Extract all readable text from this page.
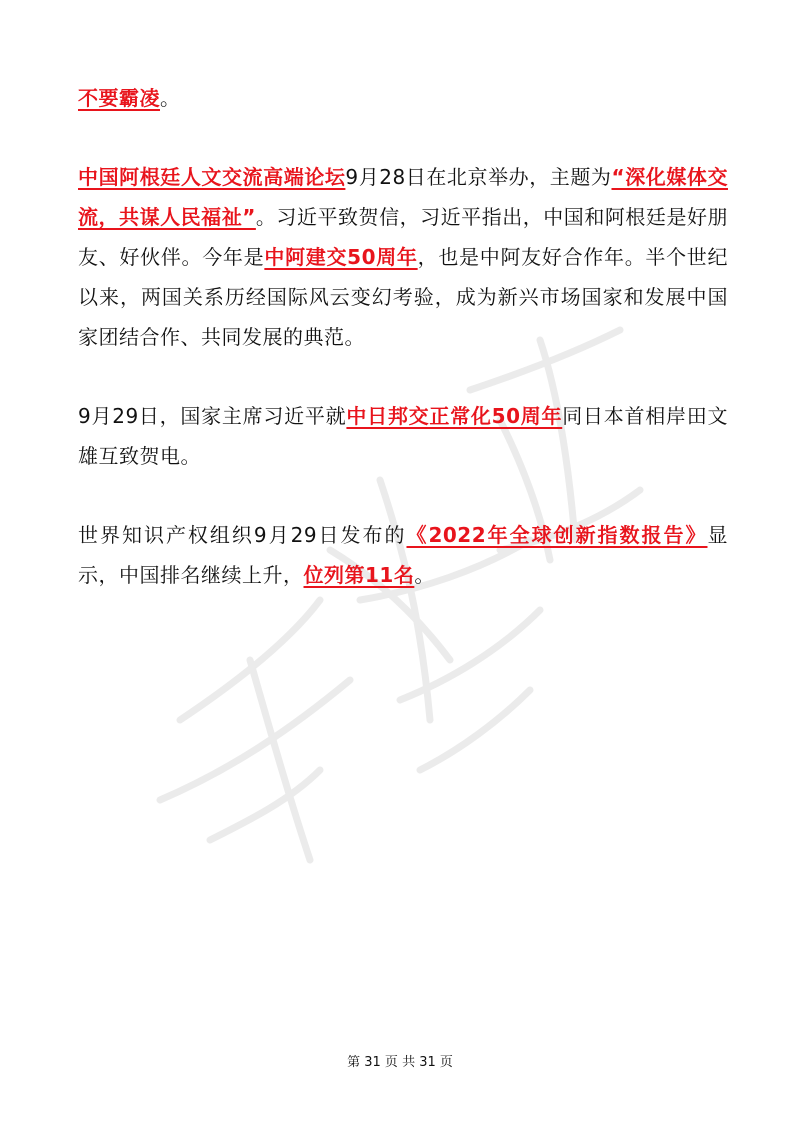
不要霸凌。

中国阿根廷人文交流高端论坛9月28日在北京举办，主题为“深化媒体交流，共谋人民福祉”。习近平致贺信，习近平指出，中国和阿根廷是好朋友、好伙伴。今年是中阿建交50周年，也是中阿友好合作年。半个世纪以来，两国关系历经国际风云变幻考验，成为新兴市场国家和发展中国家团结合作、共同发展的典范。

9月29日，国家主席习近平就中日邦交正常化50周年同日本首相岸田文雄互致贺电。

世界知识产权组织9月29日发布的《2022年全球创新指数报告》显示，中国排名继续上升，位列第11名。

第 31 页 共 31 页
